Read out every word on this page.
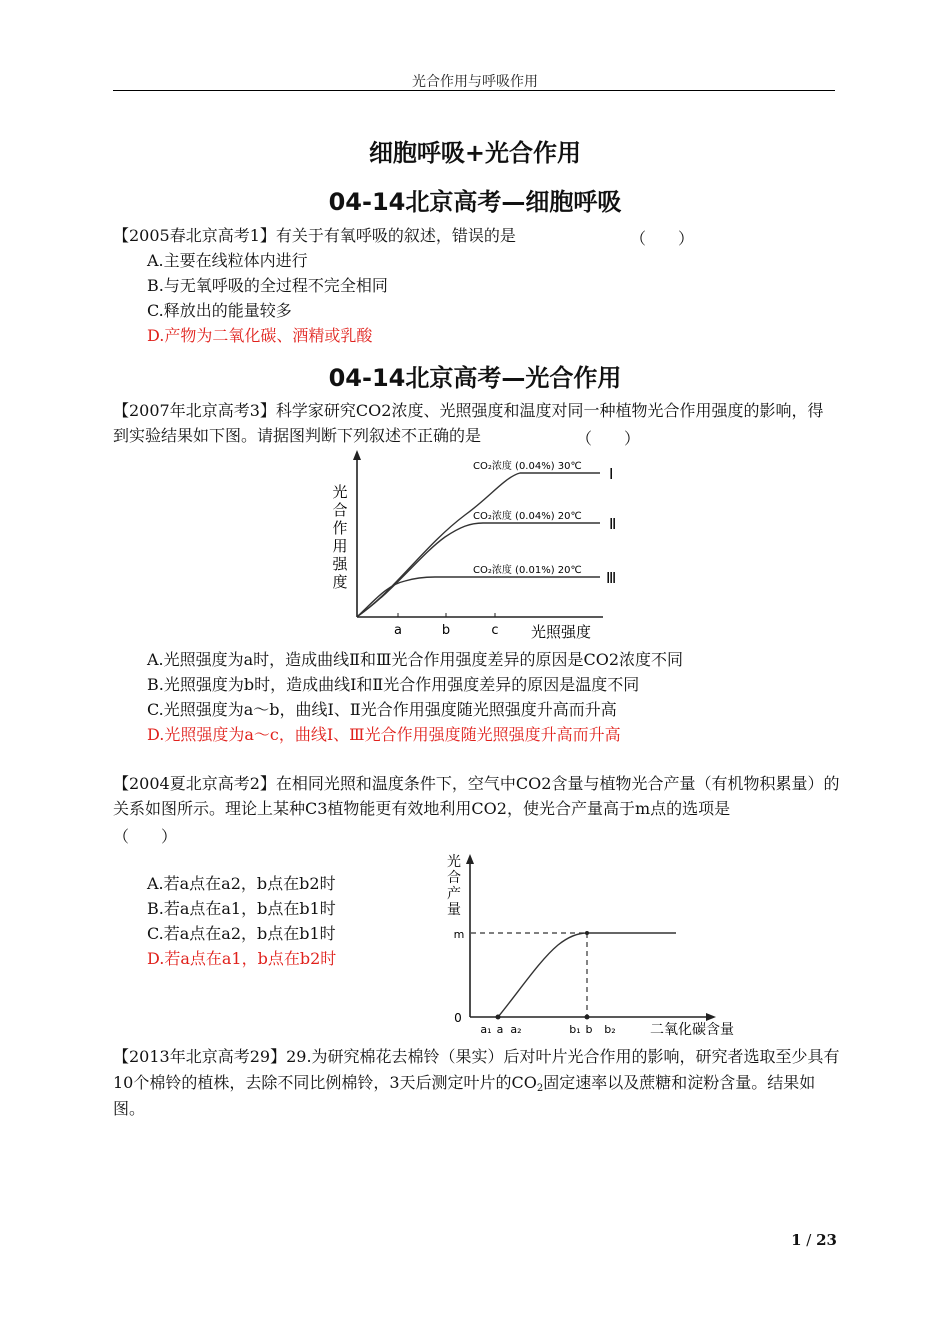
光合作用与呼吸作用
细胞呼吸+光合作用
04-14北京高考—细胞呼吸
【2005春北京高考1】有关于有氧呼吸的叙述，错误的是	（　　）
A.主要在线粒体内进行
B.与无氧呼吸的全过程不完全相同
C.释放出的能量较多
D.产物为二氧化碳、酒精或乳酸
04-14北京高考—光合作用
【2007年北京高考3】科学家研究CO2浓度、光照强度和温度对同一种植物光合作用强度的影响，得
到实验结果如下图。请据图判断下列叙述不正确的是	（　　）
光
合
作
用
强
度
a	b	c 光照强度
CO₂浓度 (0.04%) 30℃
CO₂浓度 (0.04%) 20℃
CO₂浓度 (0.01%) 20℃
Ⅰ
Ⅱ
Ⅲ
A.光照强度为a时，造成曲线Ⅱ和Ⅲ光合作用强度差异的原因是CO2浓度不同
B.光照强度为b时，造成曲线Ⅰ和Ⅱ光合作用强度差异的原因是温度不同
C.光照强度为a～b，曲线Ⅰ、Ⅱ光合作用强度随光照强度升高而升高
D.光照强度为a～c，曲线Ⅰ、Ⅲ光合作用强度随光照强度升高而升高
【2004夏北京高考2】在相同光照和温度条件下，空气中CO2含量与植物光合产量（有机物积累量）的
关系如图所示。理论上某种C3植物能更有效地利用CO2，使光合产量高于m点的选项是
（　　）
A.若a点在a2，b点在b2时
B.若a点在a1，b点在b1时
C.若a点在a2，b点在b1时
D.若a点在a1，b点在b2时
光
合
产
量
m
0
a₁ a a₂	b₁ b b₂ 二氧化碳含量
【2013年北京高考29】29.为研究棉花去棉铃（果实）后对叶片光合作用的影响，研究者选取至少具有
10个棉铃的植株，去除不同比例棉铃，3天后测定叶片的$CO_2$固定速率以及蔗糖和淀粉含量。结果如
图。
1 / 23
